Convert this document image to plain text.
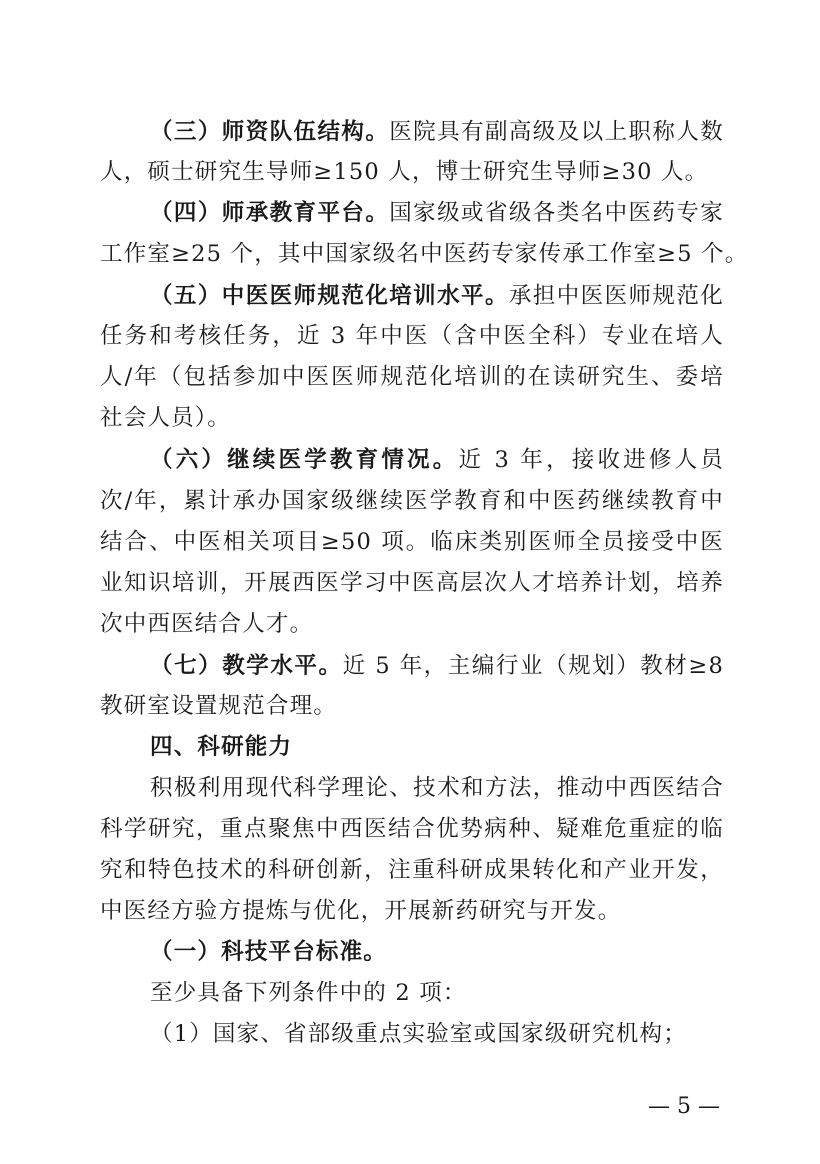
（三）师资队伍结构。医院具有副高级及以上职称人数
人，硕士研究生导师≥150 人，博士研究生导师≥30 人。
（四）师承教育平台。国家级或省级各类名中医药专家
工作室≥25 个，其中国家级名中医药专家传承工作室≥5 个。
（五）中医医师规范化培训水平。承担中医医师规范化
任务和考核任务，近 3 年中医（含中医全科）专业在培人
人/年（包括参加中医医师规范化培训的在读研究生、委培
社会人员）。
（六）继续医学教育情况。近 3 年，接收进修人员
次/年，累计承办国家级继续医学教育和中医药继续教育中
结合、中医相关项目≥50 项。临床类别医师全员接受中医
业知识培训，开展西医学习中医高层次人才培养计划，培养
次中西医结合人才。
（七）教学水平。近 5 年，主编行业（规划）教材≥8
教研室设置规范合理。
四、科研能力
积极利用现代科学理论、技术和方法，推动中西医结合
科学研究，重点聚焦中西医结合优势病种、疑难危重症的临
究和特色技术的科研创新，注重科研成果转化和产业开发，
中医经方验方提炼与优化，开展新药研究与开发。
（一）科技平台标准。
至少具备下列条件中的 2 项：
（1）国家、省部级重点实验室或国家级研究机构；
— 5 —
